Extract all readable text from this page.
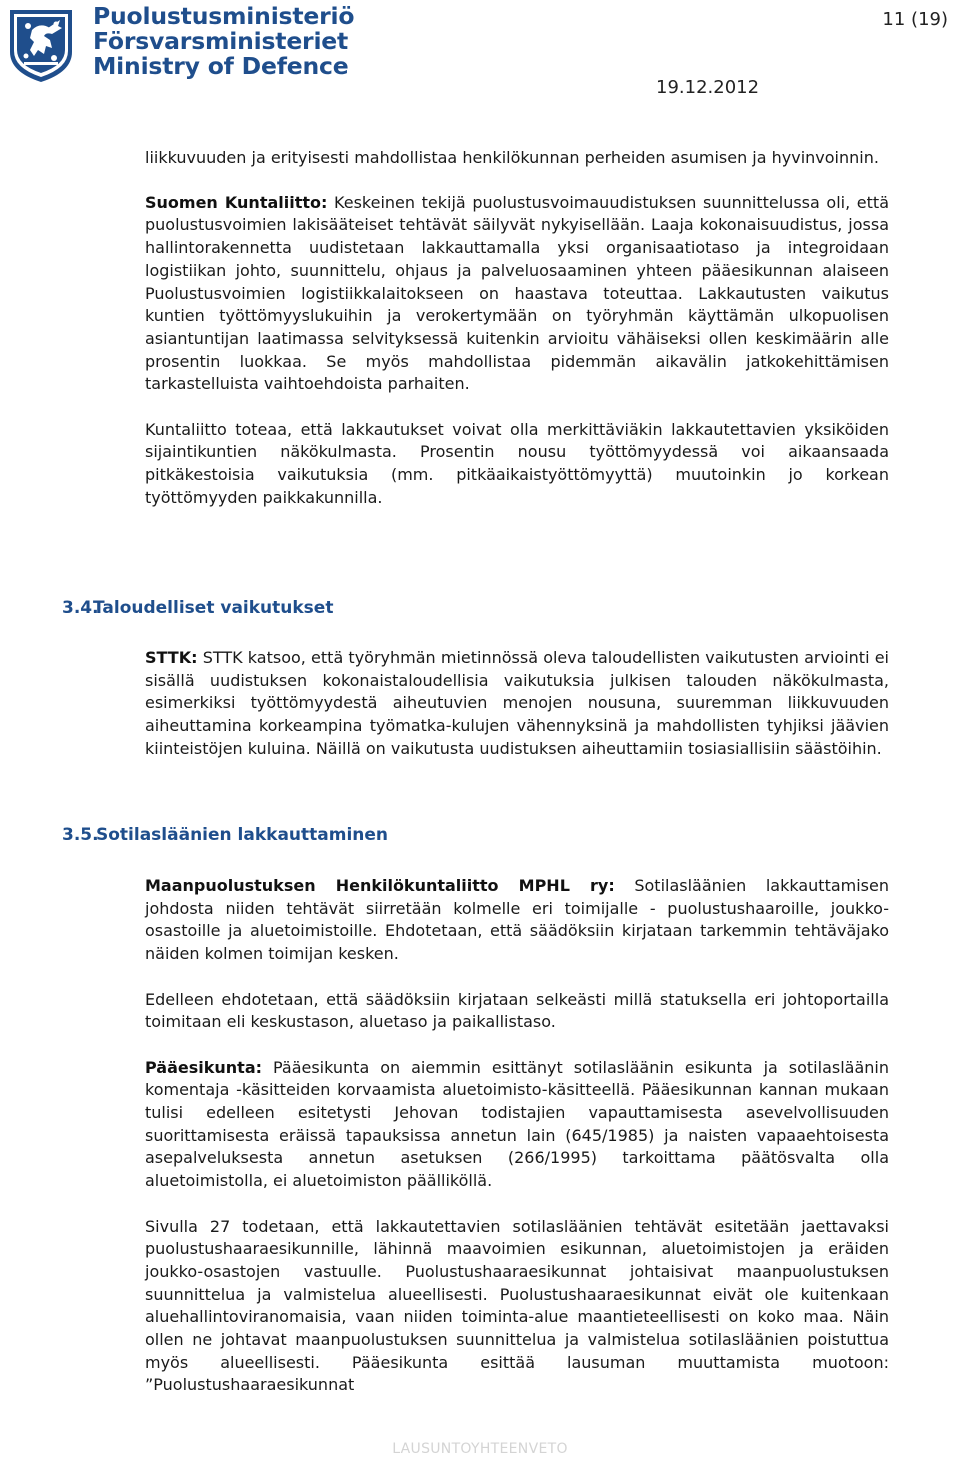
Puolustusministeriö
Försvarsministeriet
Ministry of Defence
11 (19)
19.12.2012

liikkuvuuden ja erityisesti mahdollistaa henkilökunnan perheiden asumisen ja hyvinvoinnin.

Suomen Kuntaliitto: Keskeinen tekijä puolustusvoimauudistuksen suunnittelussa oli, että puolustusvoimien lakisääteiset tehtävät säilyvät nykyisellään. Laaja kokonaisuudistus, jossa hallintorakennetta uudistetaan lakkauttamalla yksi organisaatiotaso ja integroidaan logistiikan johto, suunnittelu, ohjaus ja palveluosaaminen yhteen pääesikunnan alaiseen Puolustusvoimien logistiikkalaitokseen on haastava toteuttaa. Lakkautusten vaikutus kuntien työttömyyslukuihin ja verokertymään on työryhmän käyttämän ulkopuolisen asiantuntijan laatimassa selvityksessä kuitenkin arvioitu vähäiseksi ollen keskimäärin alle prosentin luokkaa. Se myös mahdollistaa pidemmän aikavälin jatkokehittämisen tarkastelluista vaihtoehdoista parhaiten.

Kuntaliitto toteaa, että lakkautukset voivat olla merkittäviäkin lakkautettavien yksiköiden sijaintikuntien näkökulmasta. Prosentin nousu työttömyydessä voi aikaansaada pitkäkestoisia vaikutuksia (mm. pitkäaikaistyöttömyyttä) muutoinkin jo korkean työttömyyden paikkakunnilla.

3.4.Taloudelliset vaikutukset

STTK: STTK katsoo, että työryhmän mietinnössä oleva taloudellisten vaikutusten arviointi ei sisällä uudistuksen kokonaistaloudellisia vaikutuksia julkisen talouden näkökulmasta, esimerkiksi työttömyydestä aiheutuvien menojen nousuna, suuremman liikkuvuuden aiheuttamina korkeampina työmatka-kulujen vähennyksinä ja mahdollisten tyhjiksi jäävien kiinteistöjen kuluina. Näillä on vaikutusta uudistuksen aiheuttamiin tosiasiallisiin säästöihin.

3.5.Sotilasläänien lakkauttaminen

Maanpuolustuksen Henkilökuntaliitto MPHL ry: Sotilasläänien lakkauttamisen johdosta niiden tehtävät siirretään kolmelle eri toimijalle - puolustushaaroille, joukko-osastoille ja aluetoimistoille. Ehdotetaan, että säädöksiin kirjataan tarkemmin tehtäväjako näiden kolmen toimijan kesken.

Edelleen ehdotetaan, että säädöksiin kirjataan selkeästi millä statuksella eri johtoportailla toimitaan eli keskustason, aluetaso ja paikallistaso.

Pääesikunta: Pääesikunta on aiemmin esittänyt sotilasläänin esikunta ja sotilasläänin komentaja -käsitteiden korvaamista aluetoimisto-käsitteellä. Pääesikunnan kannan mukaan tulisi edelleen esitetysti Jehovan todistajien vapauttamisesta asevelvollisuuden suorittamisesta eräissä tapauksissa annetun lain (645/1985) ja naisten vapaaehtoisesta asepalveluksesta annetun asetuksen (266/1995) tarkoittama päätösvalta olla aluetoimistolla, ei aluetoimiston päälliköllä.

Sivulla 27 todetaan, että lakkautettavien sotilasläänien tehtävät esitetään jaettavaksi puolustushaaraesikunnille, lähinnä maavoimien esikunnan, aluetoimistojen ja eräiden joukko-osastojen vastuulle. Puolustushaaraesikunnat johtaisivat maanpuolustuksen suunnittelua ja valmistelua alueellisesti. Puolustushaaraesikunnat eivät ole kuitenkaan aluehallintoviranomaisia, vaan niiden toiminta-alue maantieteellisesti on koko maa. Näin ollen ne johtavat maanpuolustuksen suunnittelua ja valmistelua sotilasläänien poistuttua myös alueellisesti. Pääesikunta esittää lausuman muuttamista muotoon: ”Puolustushaaraesikunnat

LAUSUNTOYHTEENVETO
